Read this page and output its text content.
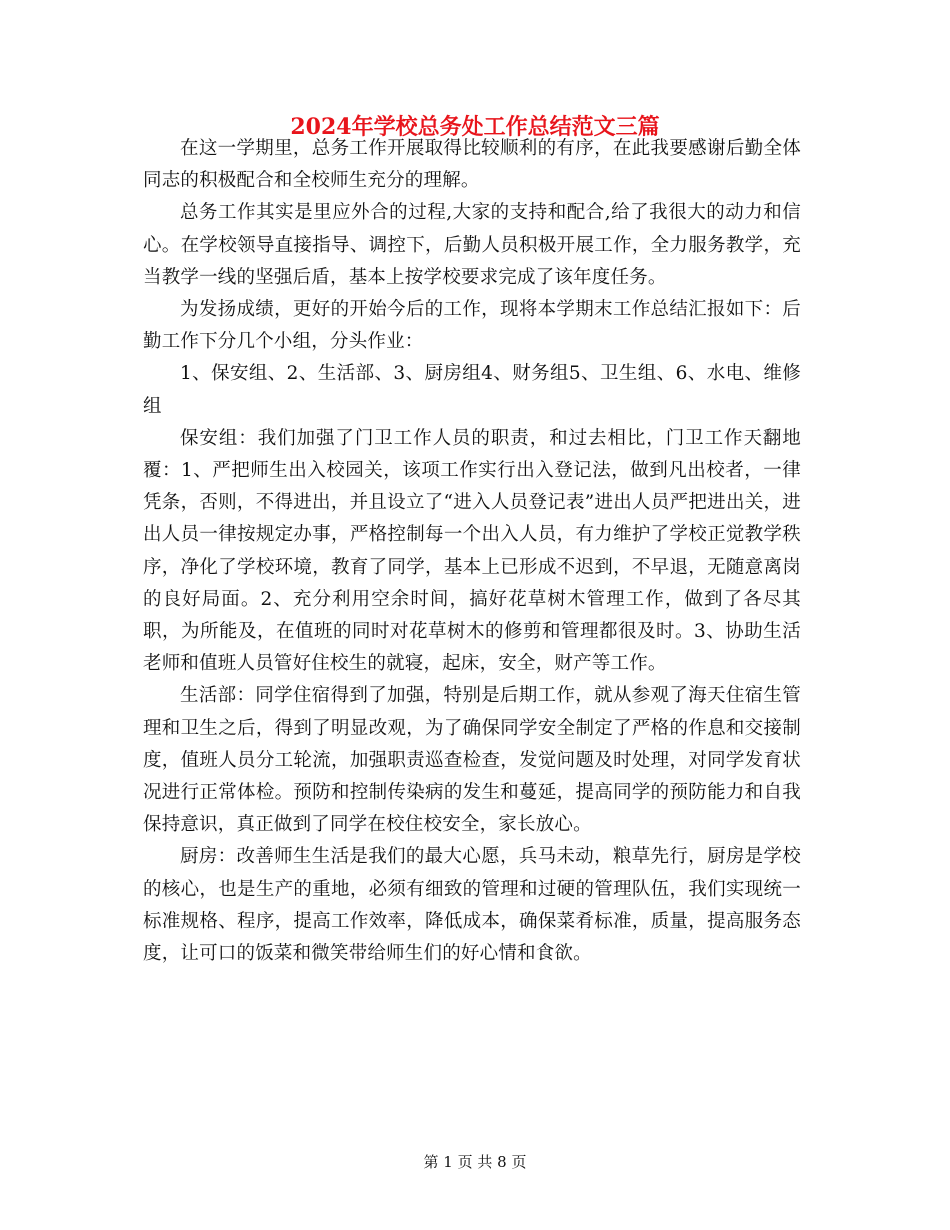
2024年学校总务处工作总结范文三篇

在这一学期里，总务工作开展取得比较顺利的有序，在此我要感谢后勤全体同志的积极配合和全校师生充分的理解。

总务工作其实是里应外合的过程,大家的支持和配合,给了我很大的动力和信心。在学校领导直接指导、调控下，后勤人员积极开展工作，全力服务教学，充当教学一线的坚强后盾，基本上按学校要求完成了该年度任务。

为发扬成绩，更好的开始今后的工作，现将本学期末工作总结汇报如下：后勤工作下分几个小组，分头作业：

1、保安组、2、生活部、3、厨房组4、财务组5、卫生组、6、水电、维修组

保安组：我们加强了门卫工作人员的职责，和过去相比，门卫工作天翻地覆：1、严把师生出入校园关，该项工作实行出入登记法，做到凡出校者，一律凭条，否则，不得进出，并且设立了“进入人员登记表”进出人员严把进出关，进出人员一律按规定办事，严格控制每一个出入人员，有力维护了学校正觉教学秩序，净化了学校环境，教育了同学，基本上已形成不迟到，不早退，无随意离岗的良好局面。2、充分利用空余时间，搞好花草树木管理工作，做到了各尽其职，为所能及，在值班的同时对花草树木的修剪和管理都很及时。3、协助生活老师和值班人员管好住校生的就寝，起床，安全，财产等工作。

生活部：同学住宿得到了加强，特别是后期工作，就从参观了海天住宿生管理和卫生之后，得到了明显改观，为了确保同学安全制定了严格的作息和交接制度，值班人员分工轮流，加强职责巡查检查，发觉问题及时处理，对同学发育状况进行正常体检。预防和控制传染病的发生和蔓延，提高同学的预防能力和自我保持意识，真正做到了同学在校住校安全，家长放心。

厨房：改善师生生活是我们的最大心愿，兵马未动，粮草先行，厨房是学校的核心，也是生产的重地，必须有细致的管理和过硬的管理队伍，我们实现统一标准规格、程序，提高工作效率，降低成本，确保菜肴标准，质量，提高服务态度，让可口的饭菜和微笑带给师生们的好心情和食欲。

第 1 页 共 8 页
